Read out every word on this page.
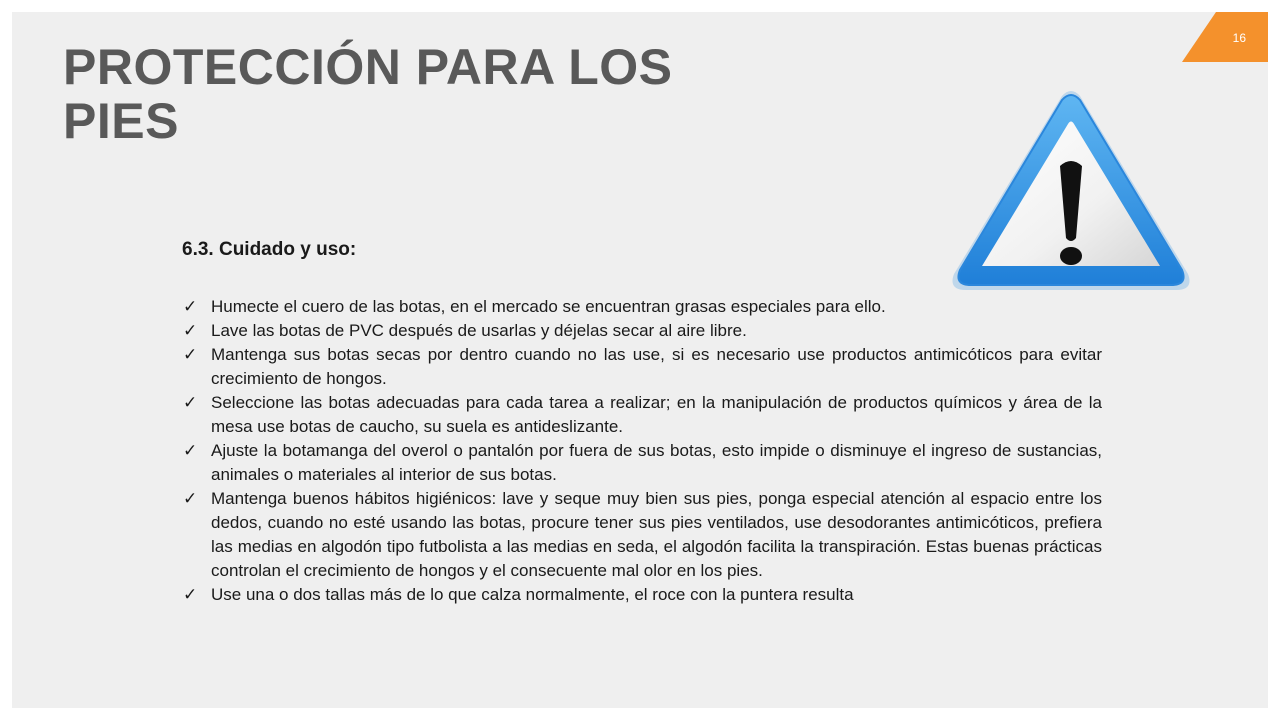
16
PROTECCIÓN PARA LOS PIES
6.3. Cuidado y uso:
✓ Humecte el cuero de las botas, en el mercado se encuentran grasas especiales para ello.
✓ Lave las botas de PVC después de usarlas y déjelas secar al aire libre.
✓ Mantenga sus botas secas por dentro cuando no las use, si es necesario use productos antimicóticos para evitar crecimiento de hongos.
✓ Seleccione las botas adecuadas para cada tarea a realizar; en la manipulación de productos químicos y área de la mesa use botas de caucho, su suela es antideslizante.
✓ Ajuste la botamanga del overol o pantalón por fuera de sus botas, esto impide o disminuye el ingreso de sustancias, animales o materiales al interior de sus botas.
✓ Mantenga buenos hábitos higiénicos: lave y seque muy bien sus pies, ponga especial atención al espacio entre los dedos, cuando no esté usando las botas, procure tener sus pies ventilados, use desodorantes antimicóticos, prefiera las medias en algodón tipo futbolista a las medias en seda, el algodón facilita la transpiración. Estas buenas prácticas controlan el crecimiento de hongos y el consecuente mal olor en los pies.
✓ Use una o dos tallas más de lo que calza normalmente, el roce con la puntera resulta
